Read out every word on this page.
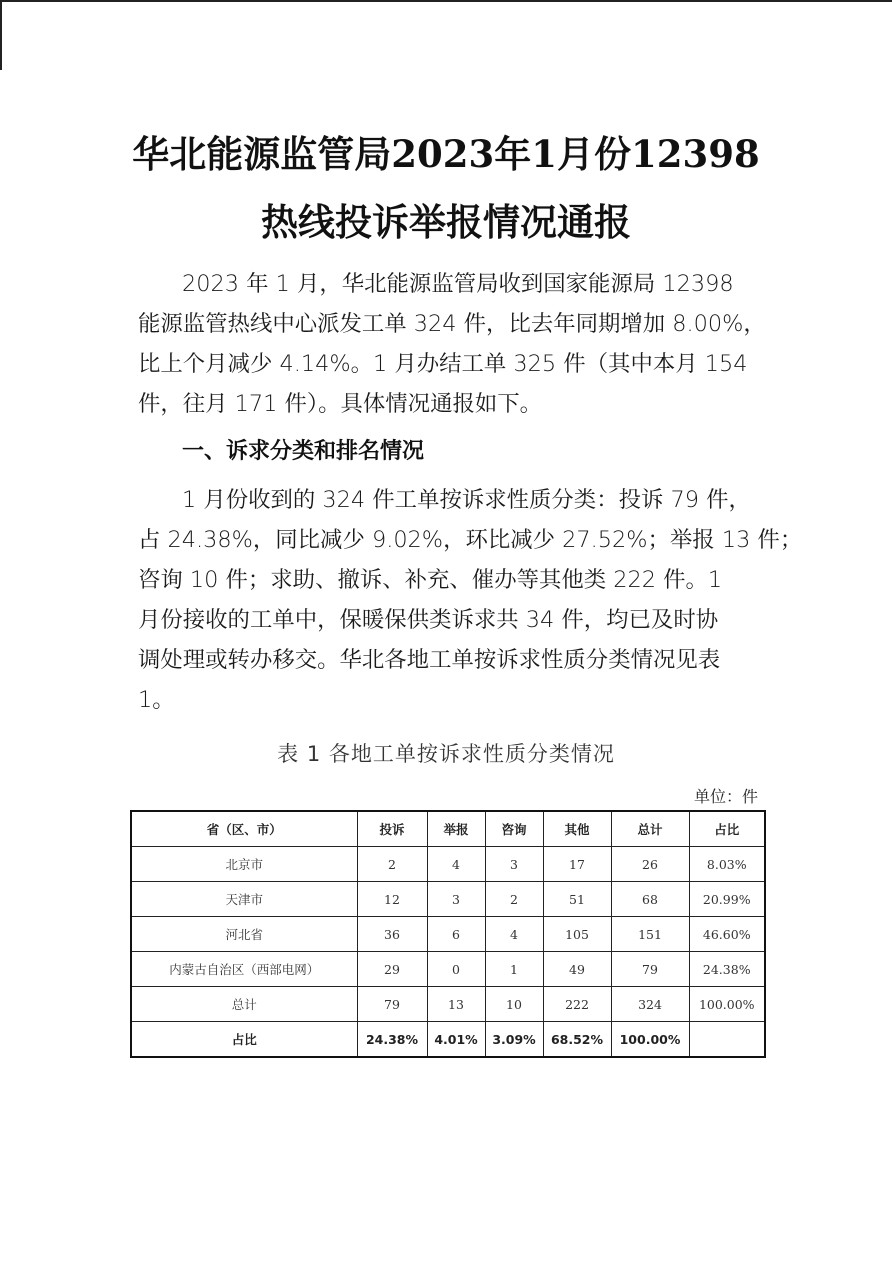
华北能源监管局2023年1月份12398
热线投诉举报情况通报
2023 年 1 月，华北能源监管局收到国家能源局 12398
能源监管热线中心派发工单 324 件，比去年同期增加 8.00%，
比上个月减少 4.14%。1 月办结工单 325 件（其中本月 154
件，往月 171 件）。具体情况通报如下。
一、诉求分类和排名情况
1 月份收到的 324 件工单按诉求性质分类：投诉 79 件，
占 24.38%，同比减少 9.02%，环比减少 27.52%；举报 13 件；
咨询 10 件；求助、撤诉、补充、催办等其他类 222 件。1
月份接收的工单中，保暖保供类诉求共 34 件，均已及时协
调处理或转办移交。华北各地工单按诉求性质分类情况见表
1。
表 1 各地工单按诉求性质分类情况
单位：件
省（区、市）	投诉	举报	咨询	其他	总计	占比
北京市	2	4	3	17	26	8.03%
天津市	12	3	2	51	68	20.99%
河北省	36	6	4	105	151	46.60%
内蒙古自治区（西部电网）	29	0	1	49	79	24.38%
总计	79	13	10	222	324	100.00%
占比	24.38%	4.01%	3.09%	68.52%	100.00%	
